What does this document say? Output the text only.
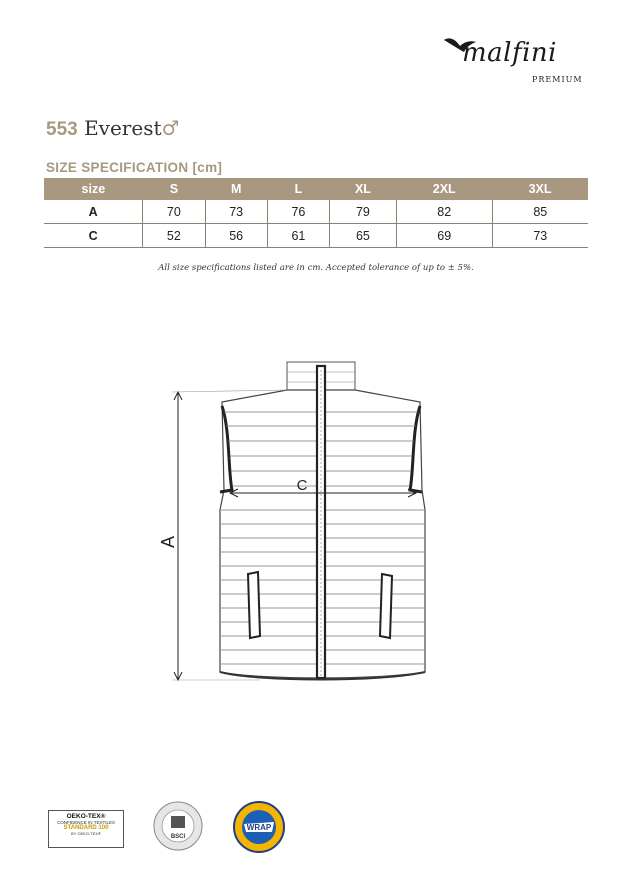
malfini
PREMIUM
553 Everest♂
SIZE SPECIFICATION [cm]
size	S	M	L	XL	2XL	3XL
A	70	73	76	79	82	85
C	52	56	61	65	69	73
All size specifications listed are in cm. Accepted tolerance of up to ± 5%.
A
C
OEKO-TEX®
CONFIDENCE IN TEXTILES
STANDARD 100
BY OEKO-TEX®
BSCI
WRAP
